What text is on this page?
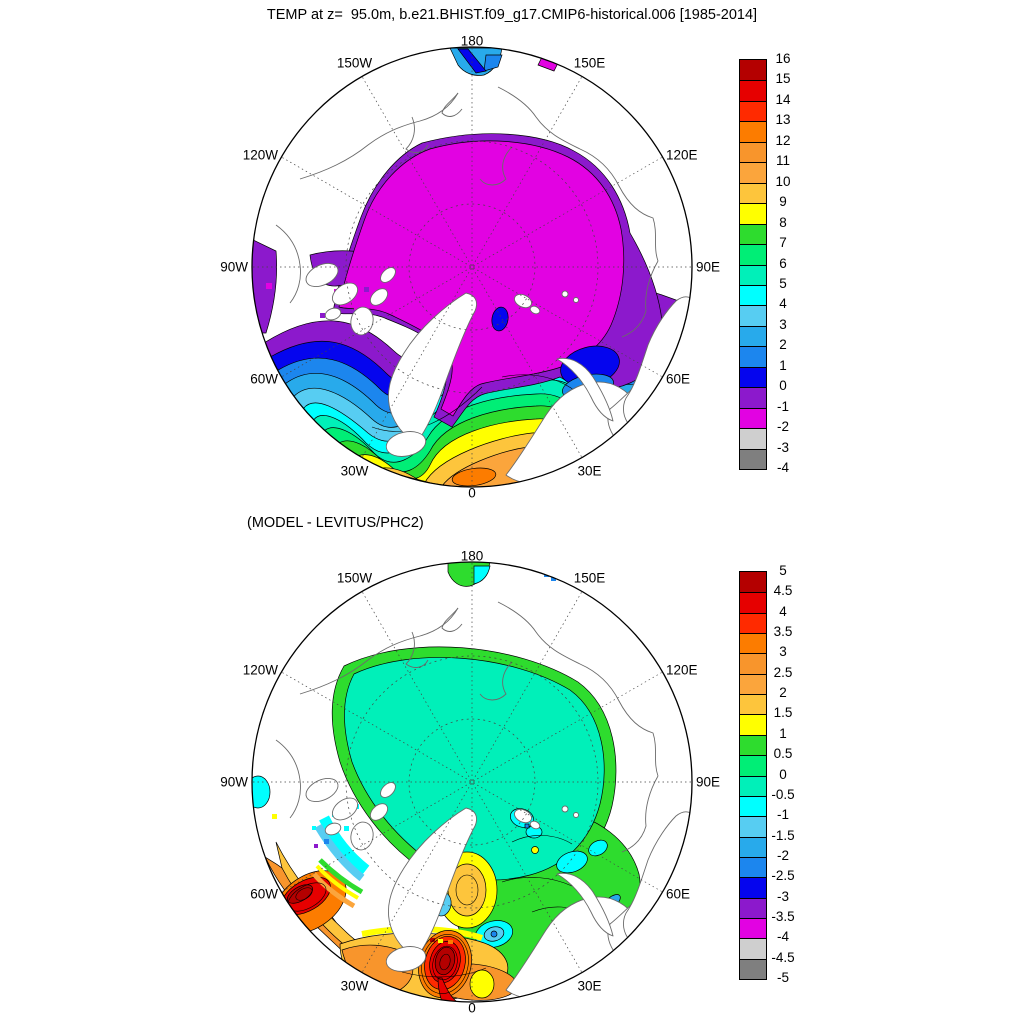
TEMP at z=  95.0m, b.e21.BHIST.f09_g17.CMIP6-historical.006 [1985-2014]
(MODEL - LEVITUS/PHC2)
180
150E
120E
90E
60E
30E
0
30W
60W
90W
120W
150W
180
150E
120E
90E
60E
30E
0
30W
60W
90W
120W
150W
16
15
14
13
12
11
10
9
8
7
6
5
4
3
2
1
0
-1
-2
-3
-4
5
4.5
4
3.5
3
2.5
2
1.5
1
0.5
0
-0.5
-1
-1.5
-2
-2.5
-3
-3.5
-4
-4.5
-5
